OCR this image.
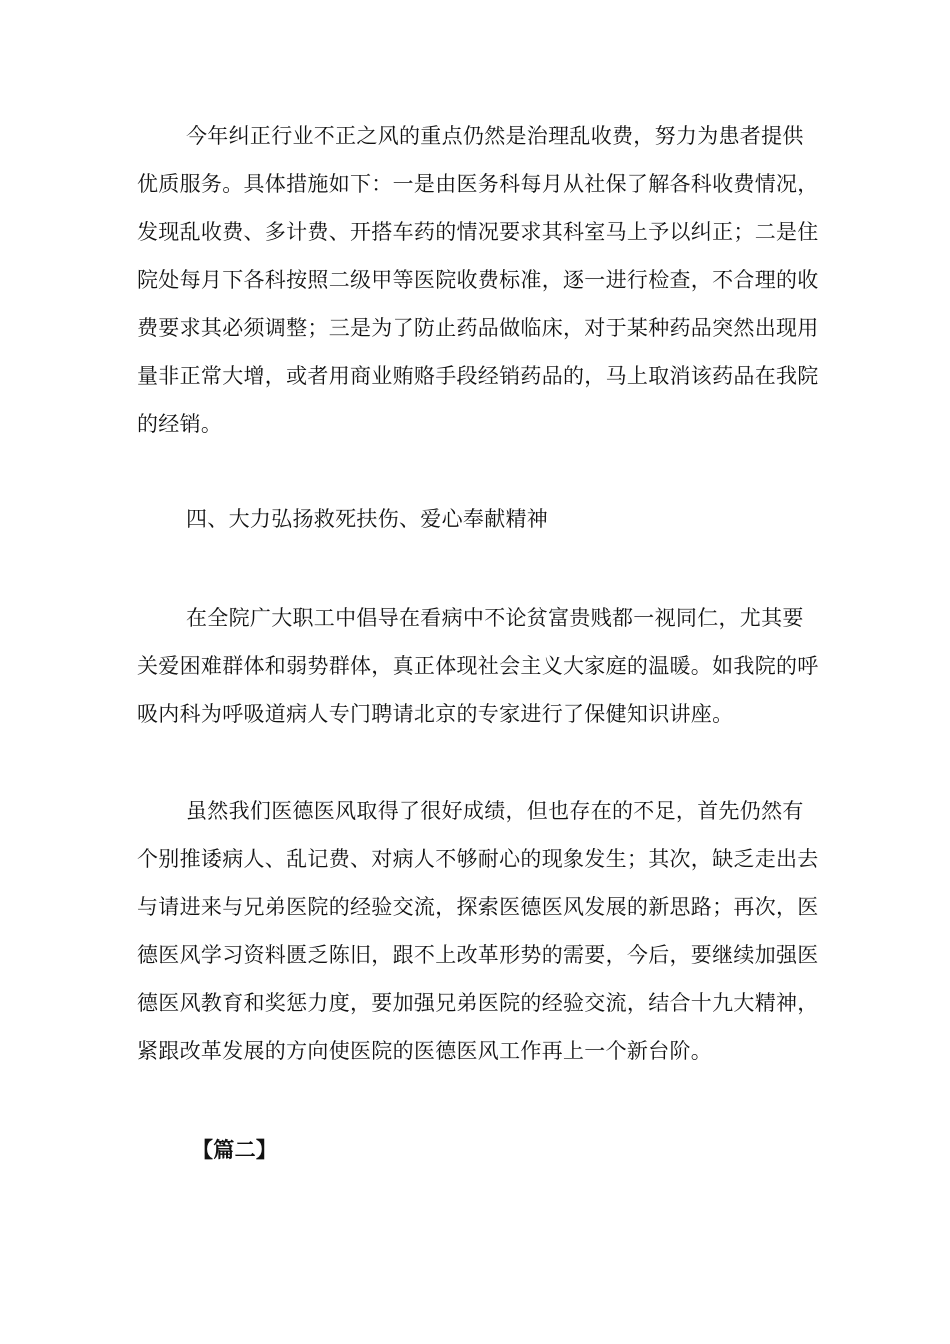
今年纠正行业不正之风的重点仍然是治理乱收费，努力为患者提供
优质服务。具体措施如下：一是由医务科每月从社保了解各科收费情况，
发现乱收费、多计费、开搭车药的情况要求其科室马上予以纠正；二是住
院处每月下各科按照二级甲等医院收费标准，逐一进行检查，不合理的收
费要求其必须调整；三是为了防止药品做临床，对于某种药品突然出现用
量非正常大增，或者用商业贿赂手段经销药品的，马上取消该药品在我院
的经销。
四、大力弘扬救死扶伤、爱心奉献精神
在全院广大职工中倡导在看病中不论贫富贵贱都一视同仁，尤其要
关爱困难群体和弱势群体，真正体现社会主义大家庭的温暖。如我院的呼
吸内科为呼吸道病人专门聘请北京的专家进行了保健知识讲座。
虽然我们医德医风取得了很好成绩，但也存在的不足，首先仍然有
个别推诿病人、乱记费、对病人不够耐心的现象发生；其次，缺乏走出去
与请进来与兄弟医院的经验交流，探索医德医风发展的新思路；再次，医
德医风学习资料匮乏陈旧，跟不上改革形势的需要，今后，要继续加强医
德医风教育和奖惩力度，要加强兄弟医院的经验交流，结合十九大精神，
紧跟改革发展的方向使医院的医德医风工作再上一个新台阶。
【篇二】
